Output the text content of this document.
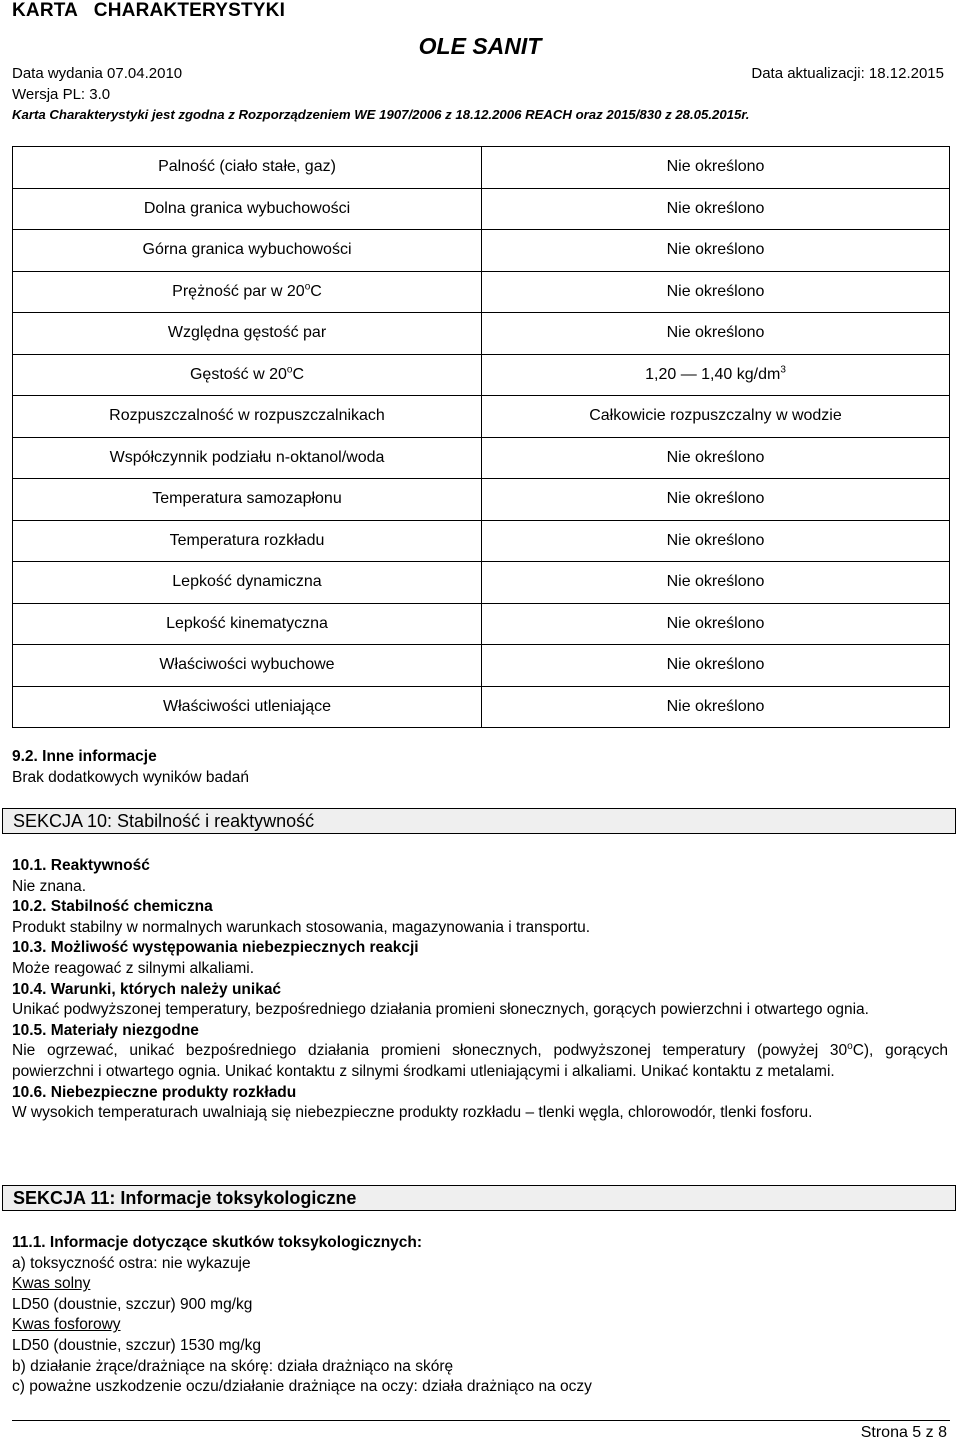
KARTA   CHARAKTERYSTYKI
OLE SANIT
Data wydania 07.04.2010	Data aktualizacji: 18.12.2015
Wersja PL: 3.0
Karta Charakterystyki jest zgodna z Rozporządzeniem WE 1907/2006 z 18.12.2006 REACH oraz 2015/830 z 28.05.2015r.
Palność (ciało stałe, gaz)	Nie określono
Dolna granica wybuchowości	Nie określono
Górna granica wybuchowości	Nie określono
Prężność par w 20$^o$C	Nie określono
Względna gęstość par	Nie określono
Gęstość w 20$^o$C	1,20 — 1,40 $kg/dm^3$
Rozpuszczalność w rozpuszczalnikach	Całkowicie rozpuszczalny w wodzie
Współczynnik podziału n-oktanol/woda	Nie określono
Temperatura samozapłonu	Nie określono
Temperatura rozkładu	Nie określono
Lepkość dynamiczna	Nie określono
Lepkość kinematyczna	Nie określono
Właściwości wybuchowe	Nie określono
Właściwości utleniające	Nie określono
9.2. Inne informacje
Brak dodatkowych wyników badań
SEKCJA 10: Stabilność i reaktywność
10.1. Reaktywność
Nie znana.
10.2. Stabilność chemiczna
Produkt stabilny w normalnych warunkach stosowania, magazynowania i transportu.
10.3. Możliwość występowania niebezpiecznych reakcji
Może reagować z silnymi alkaliami.
10.4. Warunki, których należy unikać
Unikać podwyższonej temperatury, bezpośredniego działania promieni słonecznych, gorących powierzchni i otwartego ognia.
10.5. Materiały niezgodne
Nie ogrzewać, unikać bezpośredniego działania promieni słonecznych, podwyższonej temperatury (powyżej 30$^o$C), gorących powierzchni i otwartego ognia. Unikać kontaktu z silnymi środkami utleniającymi i alkaliami. Unikać kontaktu z metalami.
10.6. Niebezpieczne produkty rozkładu
W wysokich temperaturach uwalniają się niebezpieczne produkty rozkładu – tlenki węgla, chlorowodór, tlenki fosforu.
SEKCJA 11: Informacje toksykologiczne
11.1. Informacje dotyczące skutków toksykologicznych:
a) toksyczność ostra: nie wykazuje
Kwas solny
LD50 (doustnie, szczur) 900 mg/kg
Kwas fosforowy
LD50 (doustnie, szczur) 1530 mg/kg
b) działanie żrące/drażniące na skórę: działa drażniąco na skórę
c) poważne uszkodzenie oczu/działanie drażniące na oczy: działa drażniąco na oczy
Strona 5 z 8
